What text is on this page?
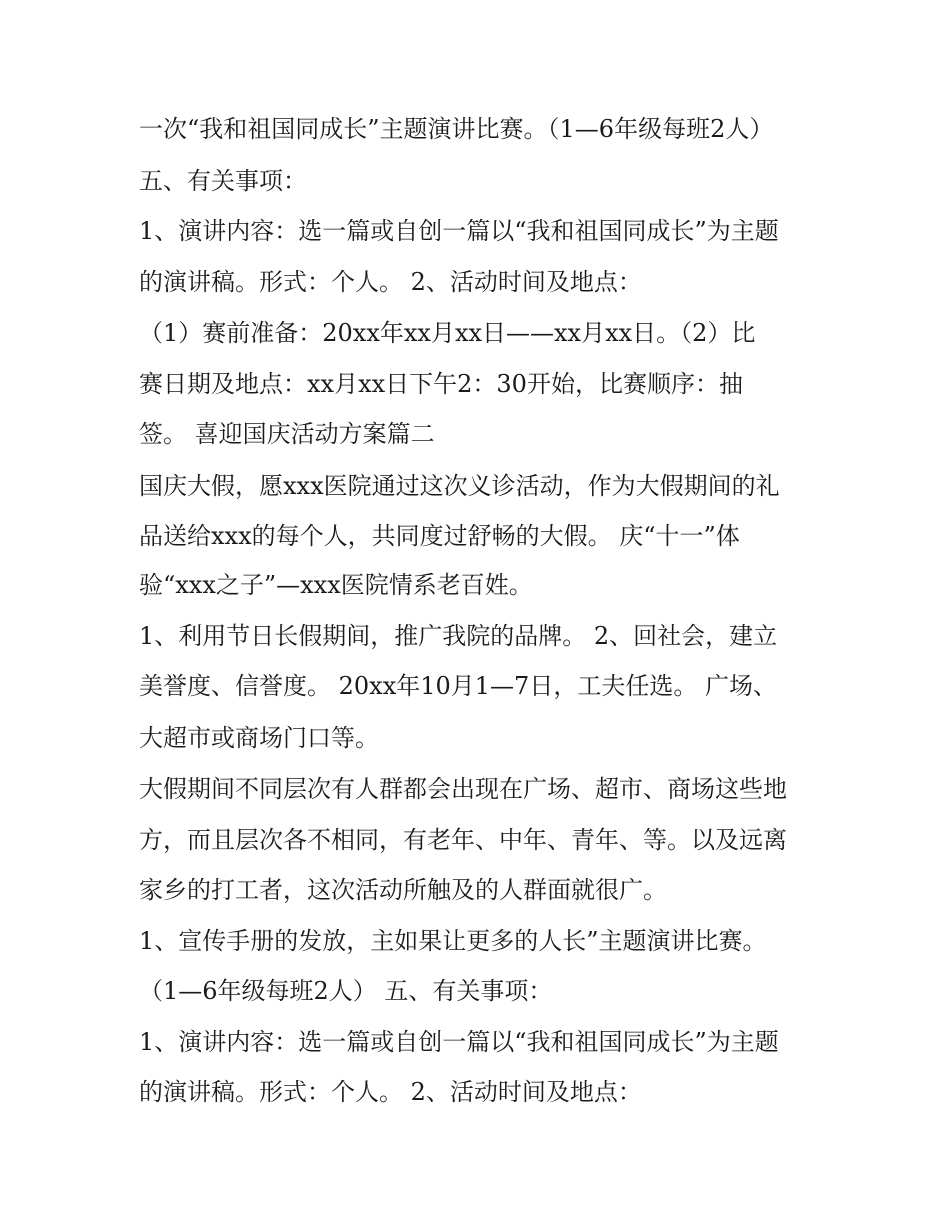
一次“我和祖国同成长”主题演讲比赛。（1—6年级每班2人）
五、有关事项：
1、演讲内容：选一篇或自创一篇以“我和祖国同成长”为主题
的演讲稿。形式：个人。 2、活动时间及地点：
（1）赛前准备：20xx年xx月xx日——xx月xx日。（2）比
赛日期及地点：xx月xx日下午2：30开始，比赛顺序：抽
签。 喜迎国庆活动方案篇二
国庆大假，愿xxx医院通过这次义诊活动，作为大假期间的礼
品送给xxx的每个人，共同度过舒畅的大假。 庆“十一”体
验“xxx之子”—xxx医院情系老百姓。
1、利用节日长假期间，推广我院的品牌。 2、回社会，建立
美誉度、信誉度。 20xx年10月1—7日，工夫任选。 广场、
大超市或商场门口等。
大假期间不同层次有人群都会出现在广场、超市、商场这些地
方，而且层次各不相同，有老年、中年、青年、等。以及远离
家乡的打工者，这次活动所触及的人群面就很广。
1、宣传手册的发放，主如果让更多的人长”主题演讲比赛。
（1—6年级每班2人） 五、有关事项：
1、演讲内容：选一篇或自创一篇以“我和祖国同成长”为主题
的演讲稿。形式：个人。 2、活动时间及地点：
